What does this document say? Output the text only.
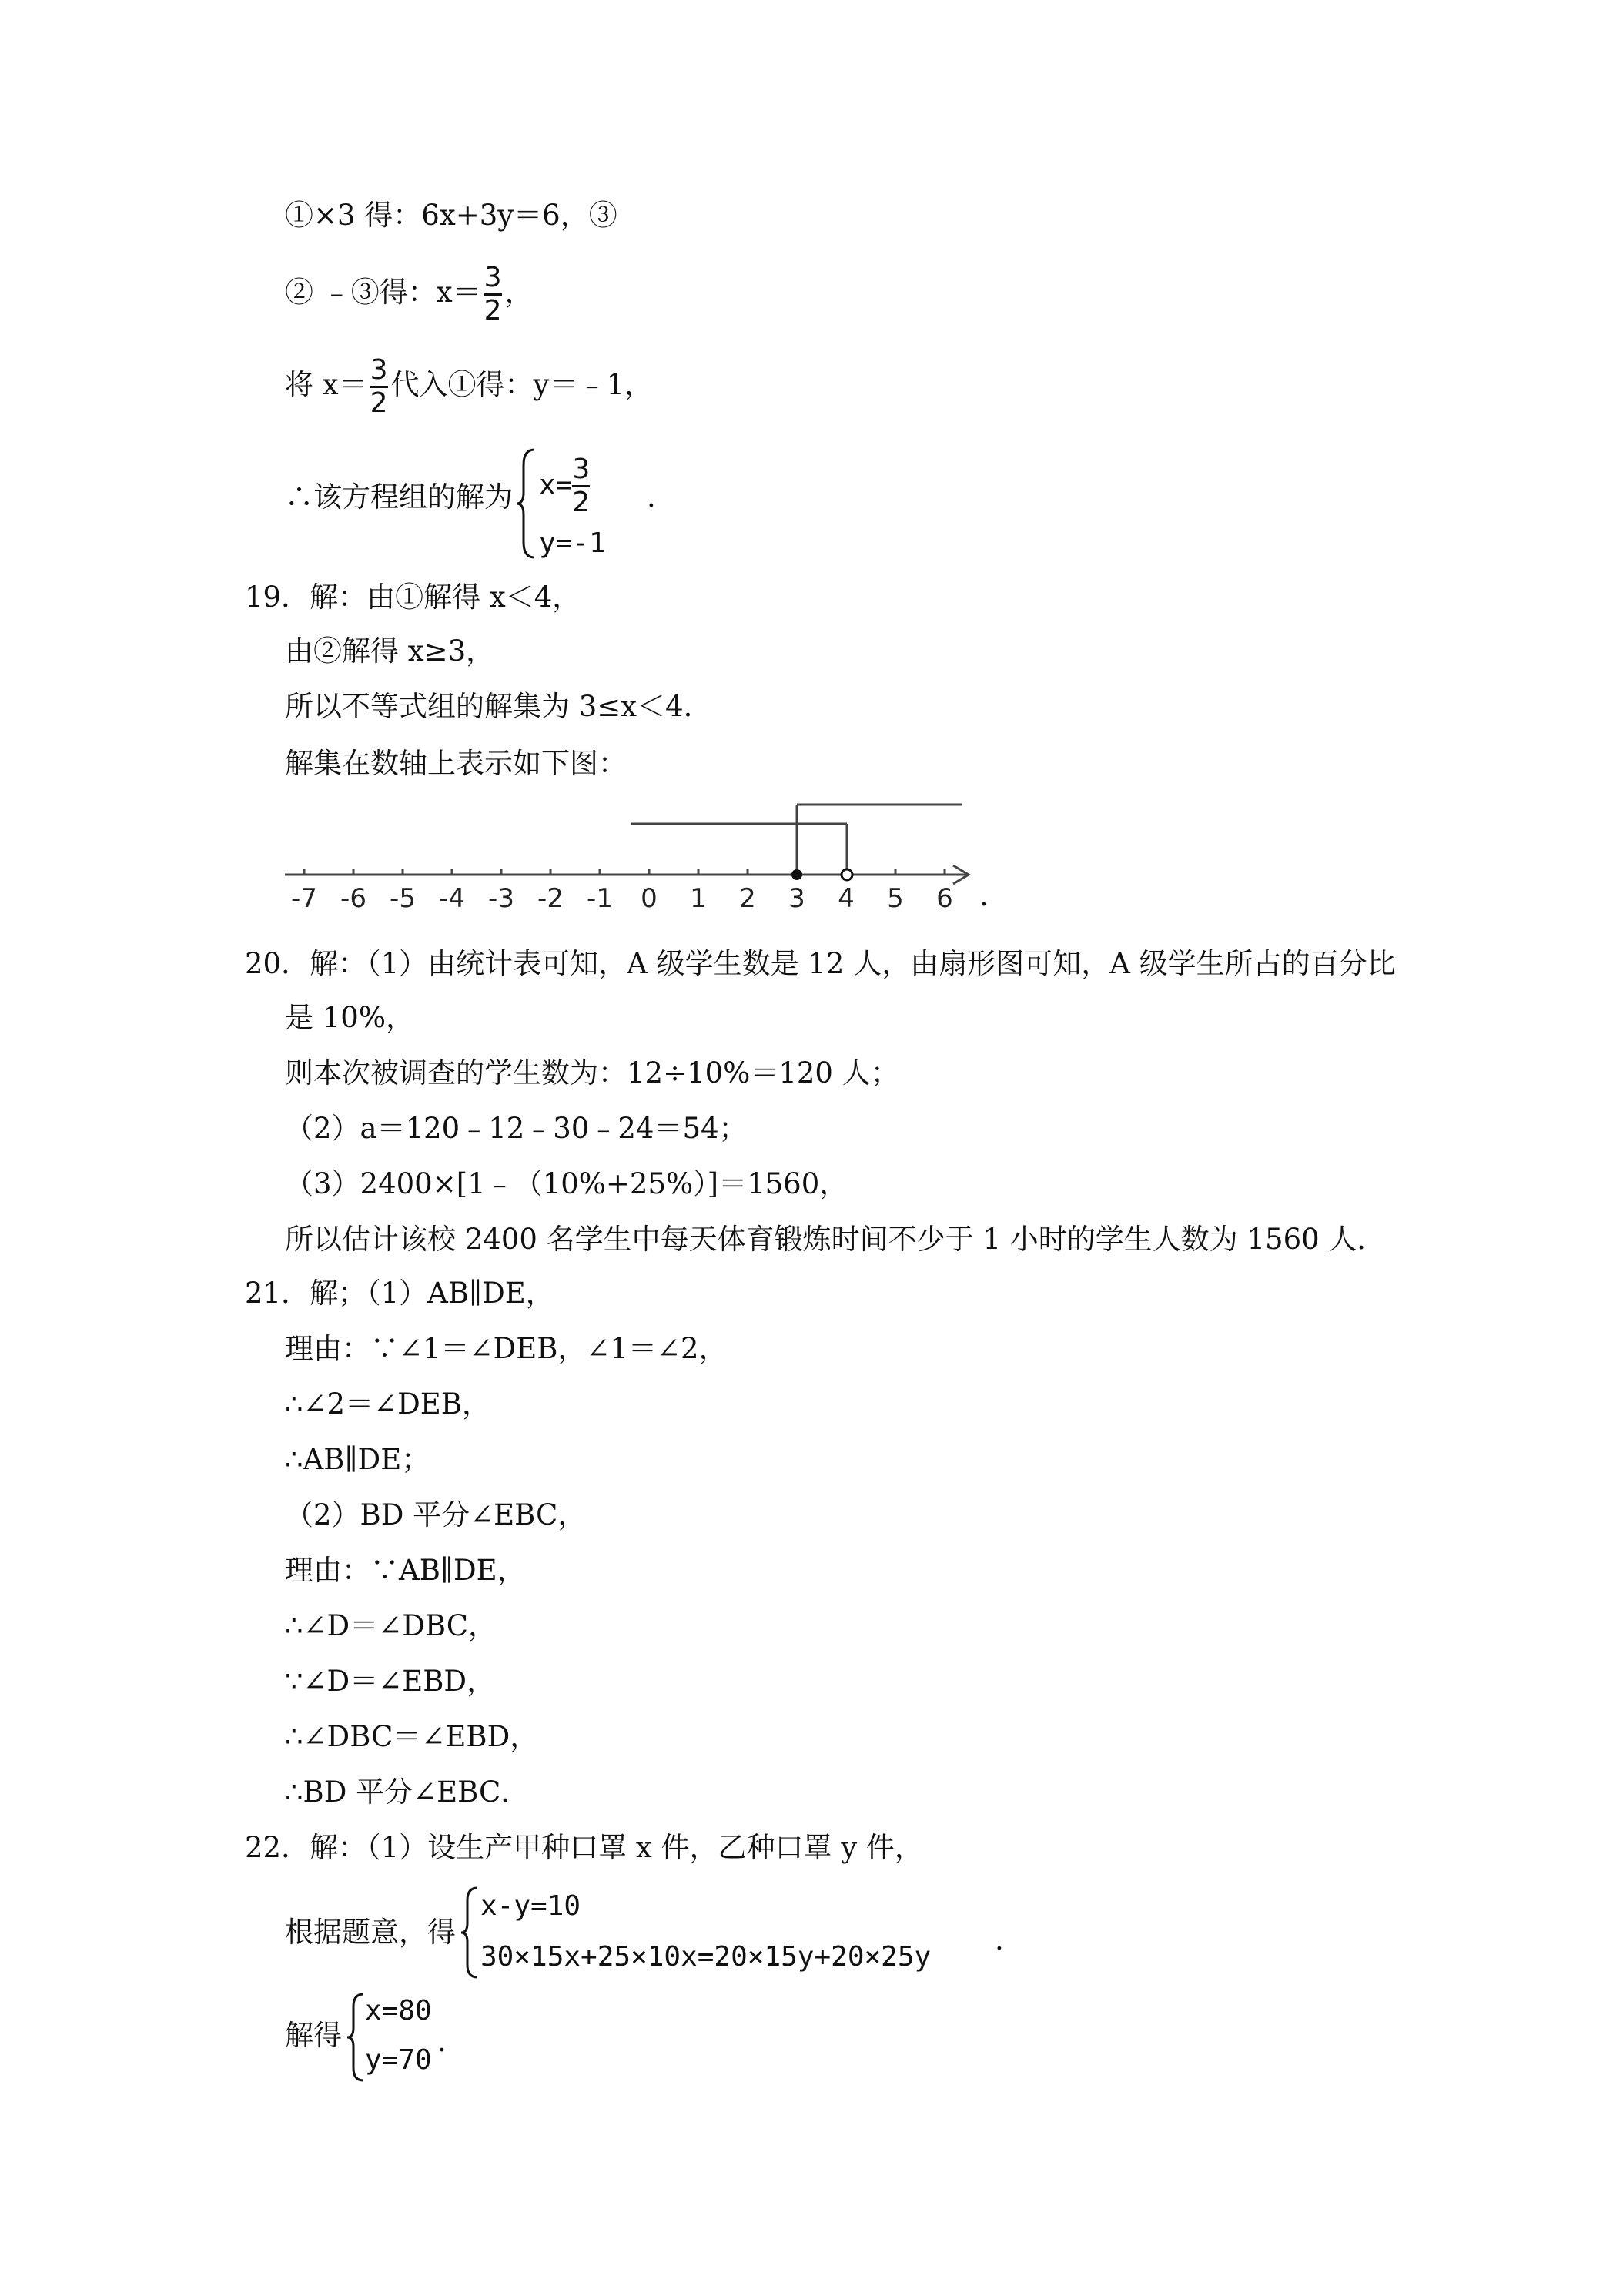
①×3 得：6x+3y＝6，③
② ﹣③得：$x= \frac{3}{2}$ ，
将 $x= \frac{3}{2}$ 代入①得：y＝﹣1，
∴该方程组的解为 $x= \frac{3}{2}$
y=-1
.
19．解：由①解得 x＜4，
由②解得 x≥3，
所以不等式组的解集为 3≤x＜4．
解集在数轴上表示如下图：
-7 -6 -5 -4 -3 -2 -1 0 1 2 3 4 5 6 .
20．解：（1）由统计表可知，A 级学生数是 12 人，由扇形图可知，A 级学生所占的百分比
是 10%，
则本次被调查的学生数为：12÷10%＝120 人；
（2）a＝120﹣12﹣30﹣24＝54；
（3）2400×[1﹣（10%+25%）]＝1560，
所以估计该校 2400 名学生中每天体育锻炼时间不少于 1 小时的学生人数为 1560 人．
21．解；（1）AB∥DE，
理由：∵∠1＝∠DEB，∠1＝∠2，
∴∠2＝∠DEB，
∴AB∥DE；
（2）BD 平分∠EBC，
理由：∵AB∥DE，
∴∠D＝∠DBC，
∵∠D＝∠EBD，
∴∠DBC＝∠EBD，
∴BD 平分∠EBC．
22．解：（1）设生产甲种口罩 x 件，乙种口罩 y 件，
根据题意，得
x-y=10
30×15x+25×10x=20×15y+20×25y
.
解得
x=80
y=70
.
